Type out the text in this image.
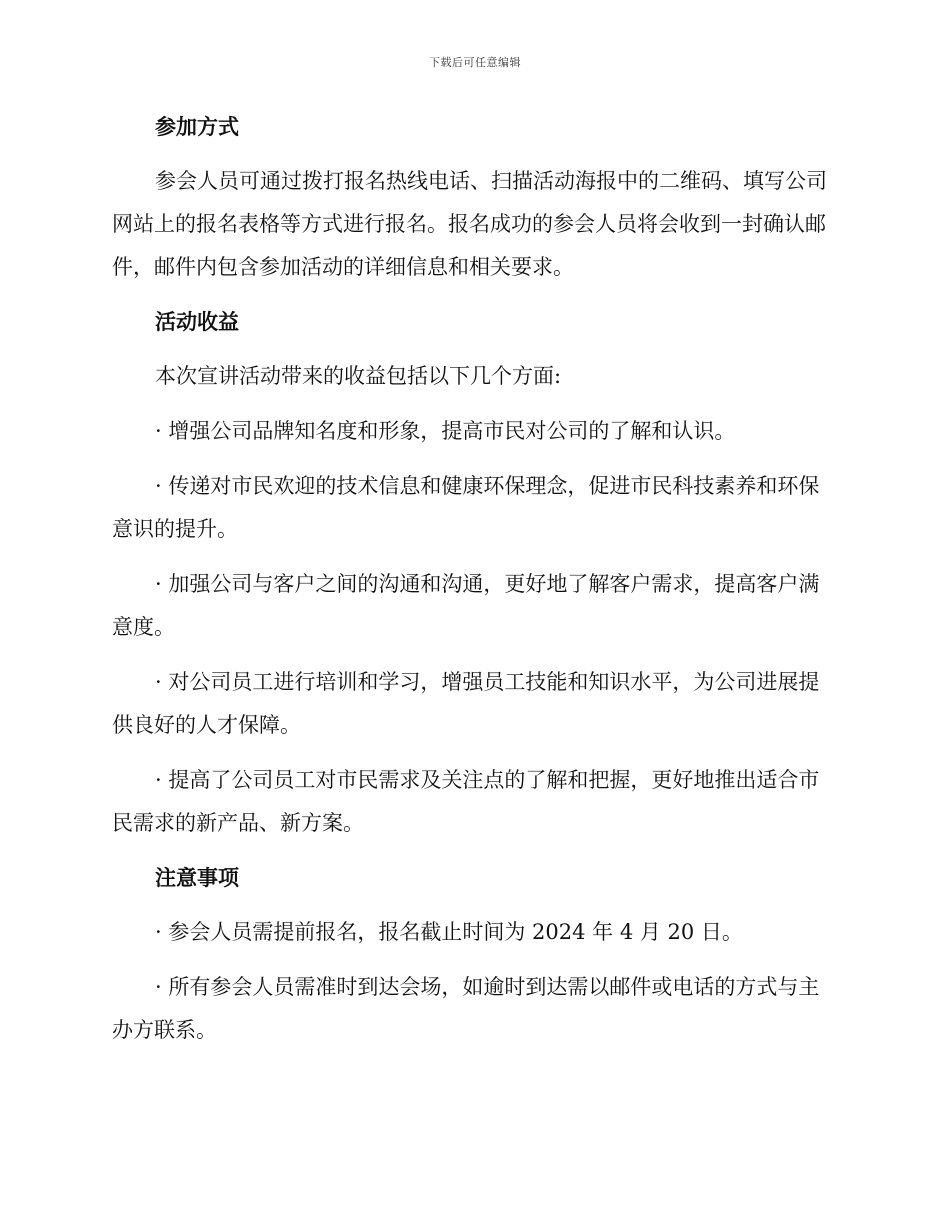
下载后可任意编辑
参加方式

参会人员可通过拨打报名热线电话、扫描活动海报中的二维码、填写公司网站上的报名表格等方式进行报名。报名成功的参会人员将会收到一封确认邮件，邮件内包含参加活动的详细信息和相关要求。

活动收益

本次宣讲活动带来的收益包括以下几个方面:

· 增强公司品牌知名度和形象，提高市民对公司的了解和认识。

· 传递对市民欢迎的技术信息和健康环保理念，促进市民科技素养和环保意识的提升。

· 加强公司与客户之间的沟通和沟通，更好地了解客户需求，提高客户满意度。

· 对公司员工进行培训和学习，增强员工技能和知识水平，为公司进展提供良好的人才保障。

· 提高了公司员工对市民需求及关注点的了解和把握，更好地推出适合市民需求的新产品、新方案。

注意事项

· 参会人员需提前报名，报名截止时间为 2024 年 4 月 20 日。

· 所有参会人员需准时到达会场，如逾时到达需以邮件或电话的方式与主办方联系。
